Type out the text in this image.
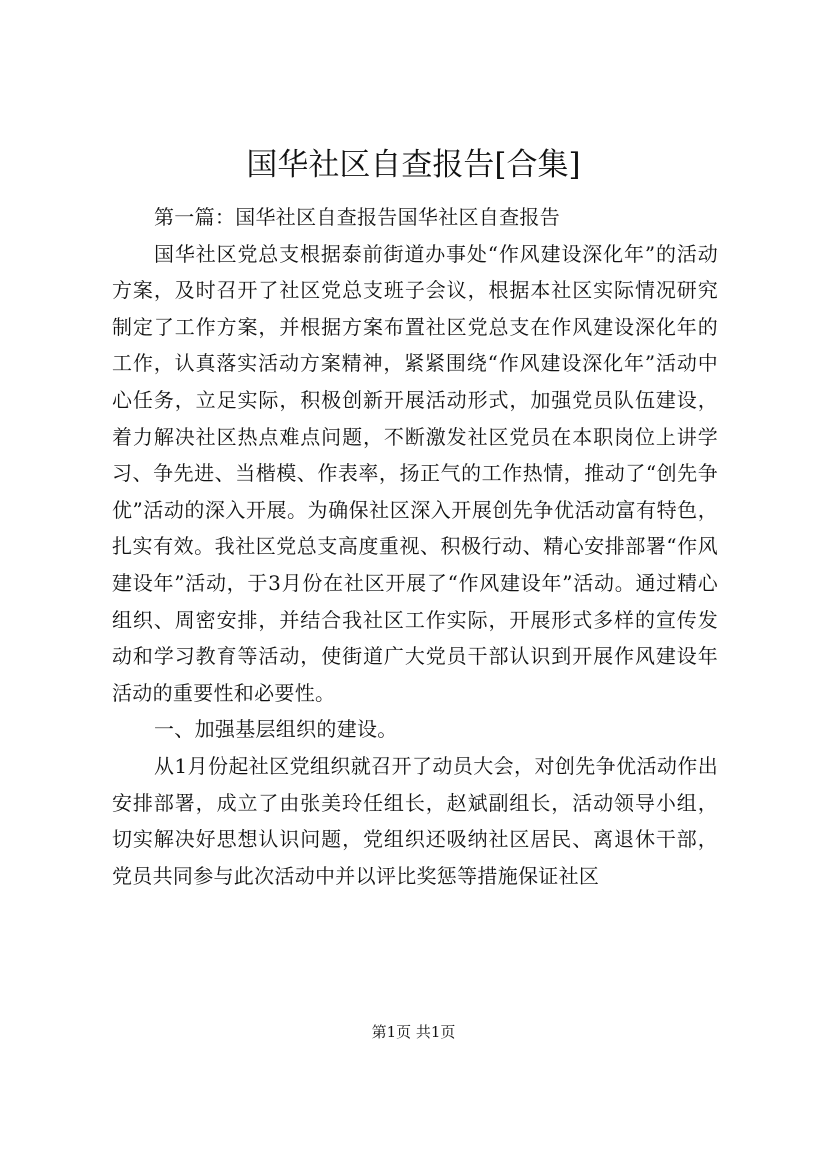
国华社区自查报告[合集]

第一篇：国华社区自查报告国华社区自查报告

国华社区党总支根据泰前街道办事处“作风建设深化年”的活动方案，及时召开了社区党总支班子会议，根据本社区实际情况研究制定了工作方案，并根据方案布置社区党总支在作风建设深化年的工作，认真落实活动方案精神，紧紧围绕“作风建设深化年”活动中心任务，立足实际，积极创新开展活动形式，加强党员队伍建设，着力解决社区热点难点问题，不断激发社区党员在本职岗位上讲学习、争先进、当楷模、作表率，扬正气的工作热情，推动了“创先争优”活动的深入开展。为确保社区深入开展创先争优活动富有特色，扎实有效。我社区党总支高度重视、积极行动、精心安排部署“作风建设年”活动，于3月份在社区开展了“作风建设年”活动。通过精心组织、周密安排，并结合我社区工作实际，开展形式多样的宣传发动和学习教育等活动，使街道广大党员干部认识到开展作风建设年活动的重要性和必要性。

一、加强基层组织的建设。

从1月份起社区党组织就召开了动员大会，对创先争优活动作出安排部署，成立了由张美玲任组长，赵斌副组长，活动领导小组，切实解决好思想认识问题，党组织还吸纳社区居民、离退休干部，党员共同参与此次活动中并以评比奖惩等措施保证社区

第1页 共1页
